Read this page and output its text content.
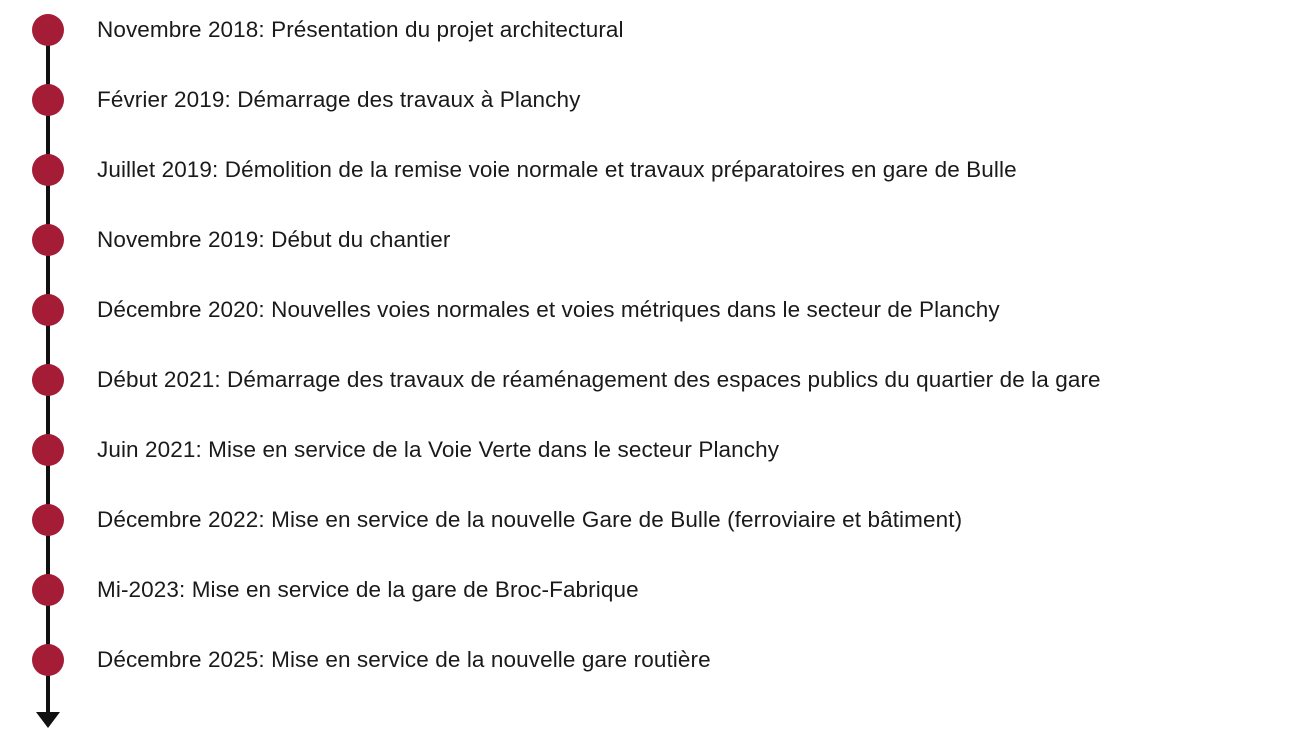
Novembre 2018: Présentation du projet architectural
Février 2019: Démarrage des travaux à Planchy
Juillet 2019: Démolition de la remise voie normale et travaux préparatoires en gare de Bulle
Novembre 2019: Début du chantier
Décembre 2020: Nouvelles voies normales et voies métriques dans le secteur de Planchy
Début 2021: Démarrage des travaux de réaménagement des espaces publics du quartier de la gare
Juin 2021: Mise en service de la Voie Verte dans le secteur Planchy
Décembre 2022: Mise en service de la nouvelle Gare de Bulle (ferroviaire et bâtiment)
Mi-2023: Mise en service de la gare de Broc-Fabrique
Décembre 2025: Mise en service de la nouvelle gare routière
